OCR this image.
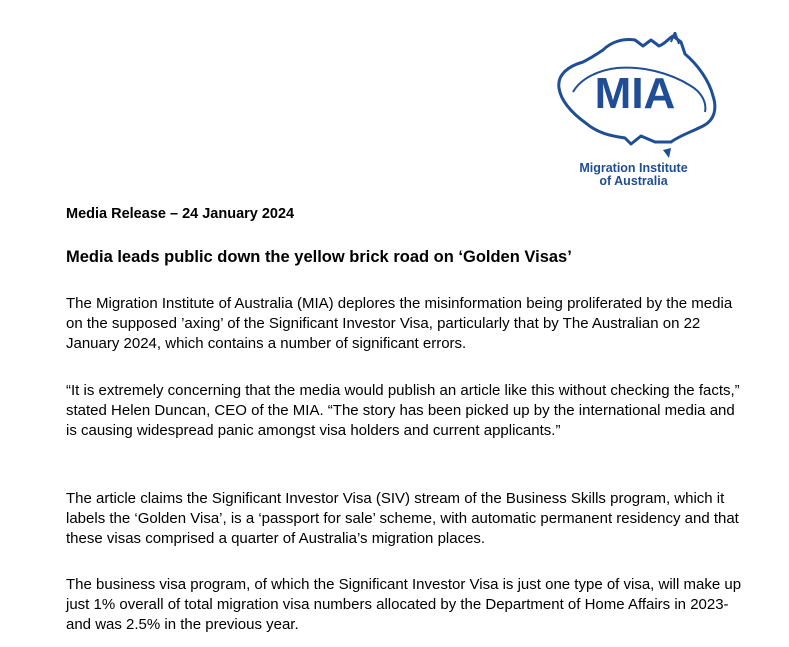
MIA
Migration Institute
of Australia

Media Release – 24 January 2024

Media leads public down the yellow brick road on ‘Golden Visas’

The Migration Institute of Australia (MIA) deplores the misinformation being proliferated by the media on the supposed ’axing’ of the Significant Investor Visa, particularly that by The Australian on 22 January 2024, which contains a number of significant errors.

“It is extremely concerning that the media would publish an article like this without checking the facts,” stated Helen Duncan, CEO of the MIA. “The story has been picked up by the international media and is causing widespread panic amongst visa holders and current applicants.”

The article claims the Significant Investor Visa (SIV) stream of the Business Skills program, which it labels the ‘Golden Visa’, is a ‘passport for sale’ scheme, with automatic permanent residency and that these visas comprised a quarter of Australia’s migration places.

The business visa program, of which the Significant Investor Visa is just one type of visa, will make up just 1% overall of total migration visa numbers allocated by the Department of Home Affairs in 2023- and was 2.5% in the previous year.
